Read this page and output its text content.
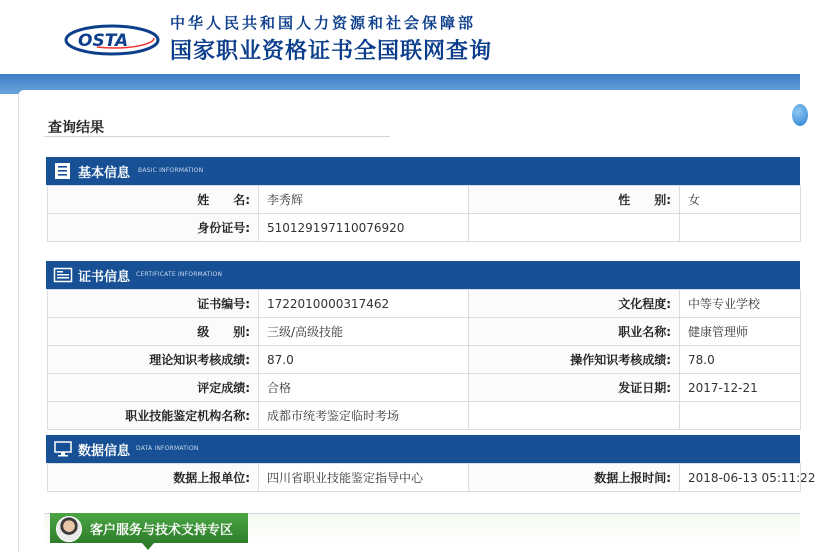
OSTA
中华人民共和国人力资源和社会保障部
国家职业资格证书全国联网查询
查询结果
基本信息 BASIC INFORMATION
姓　　名:	李秀辉	性　　别:	女
身份证号:	510129197110076920		
证书信息 CERTIFICATE INFORMATION
证书编号:	1722010000317462	文化程度:	中等专业学校
级　　别:	三级/高级技能	职业名称:	健康管理师
理论知识考核成绩:	87.0	操作知识考核成绩:	78.0
评定成绩:	合格	发证日期:	2017-12-21
职业技能鉴定机构名称:	成都市统考鉴定临时考场		
数据信息 DATA INFORMATION
数据上报单位:	四川省职业技能鉴定指导中心	数据上报时间:	2018-06-13 05:11:22
客户服务与技术支持专区
